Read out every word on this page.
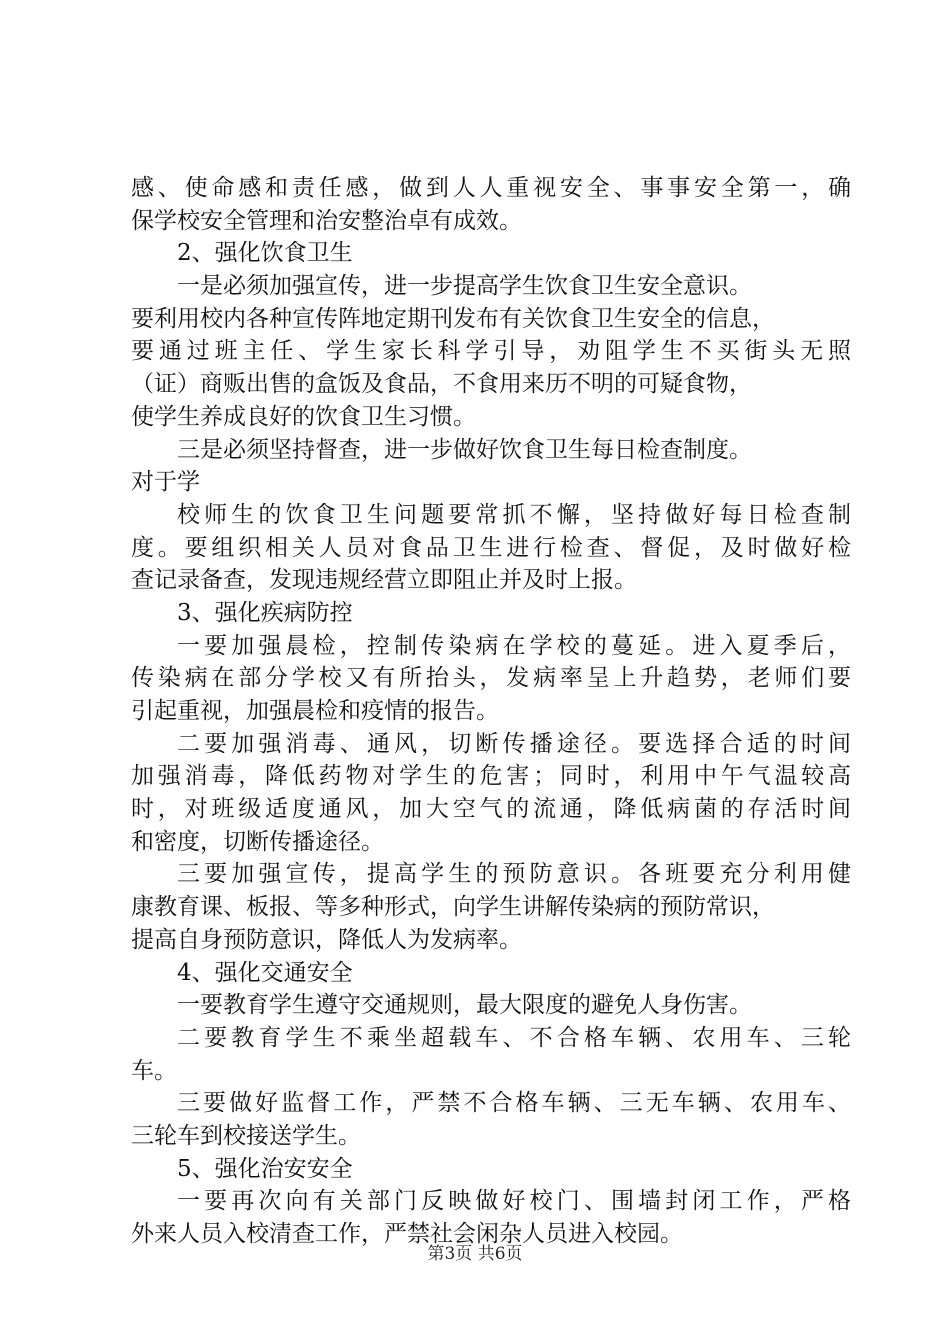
感、使命感和责任感，做到人人重视安全、事事安全第一，确
保学校安全管理和治安整治卓有成效。
2、强化饮食卫生
一是必须加强宣传，进一步提高学生饮食卫生安全意识。
要利用校内各种宣传阵地定期刊发布有关饮食卫生安全的信息，
要通过班主任、学生家长科学引导，劝阻学生不买街头无照
（证）商贩出售的盒饭及食品，不食用来历不明的可疑食物，
使学生养成良好的饮食卫生习惯。
三是必须坚持督查，进一步做好饮食卫生每日检查制度。
对于学
校师生的饮食卫生问题要常抓不懈，坚持做好每日检查制
度。要组织相关人员对食品卫生进行检查、督促，及时做好检
查记录备查，发现违规经营立即阻止并及时上报。
3、强化疾病防控
一要加强晨检，控制传染病在学校的蔓延。进入夏季后，
传染病在部分学校又有所抬头，发病率呈上升趋势，老师们要
引起重视，加强晨检和疫情的报告。
二要加强消毒、通风，切断传播途径。要选择合适的时间
加强消毒，降低药物对学生的危害；同时，利用中午气温较高
时，对班级适度通风，加大空气的流通，降低病菌的存活时间
和密度，切断传播途径。
三要加强宣传，提高学生的预防意识。各班要充分利用健
康教育课、板报、等多种形式，向学生讲解传染病的预防常识，
提高自身预防意识，降低人为发病率。
4、强化交通安全
一要教育学生遵守交通规则，最大限度的避免人身伤害。
二要教育学生不乘坐超载车、不合格车辆、农用车、三轮
车。
三要做好监督工作，严禁不合格车辆、三无车辆、农用车、
三轮车到校接送学生。
5、强化治安安全
一要再次向有关部门反映做好校门、围墙封闭工作，严格
外来人员入校清查工作，严禁社会闲杂人员进入校园。
第3页 共6页
